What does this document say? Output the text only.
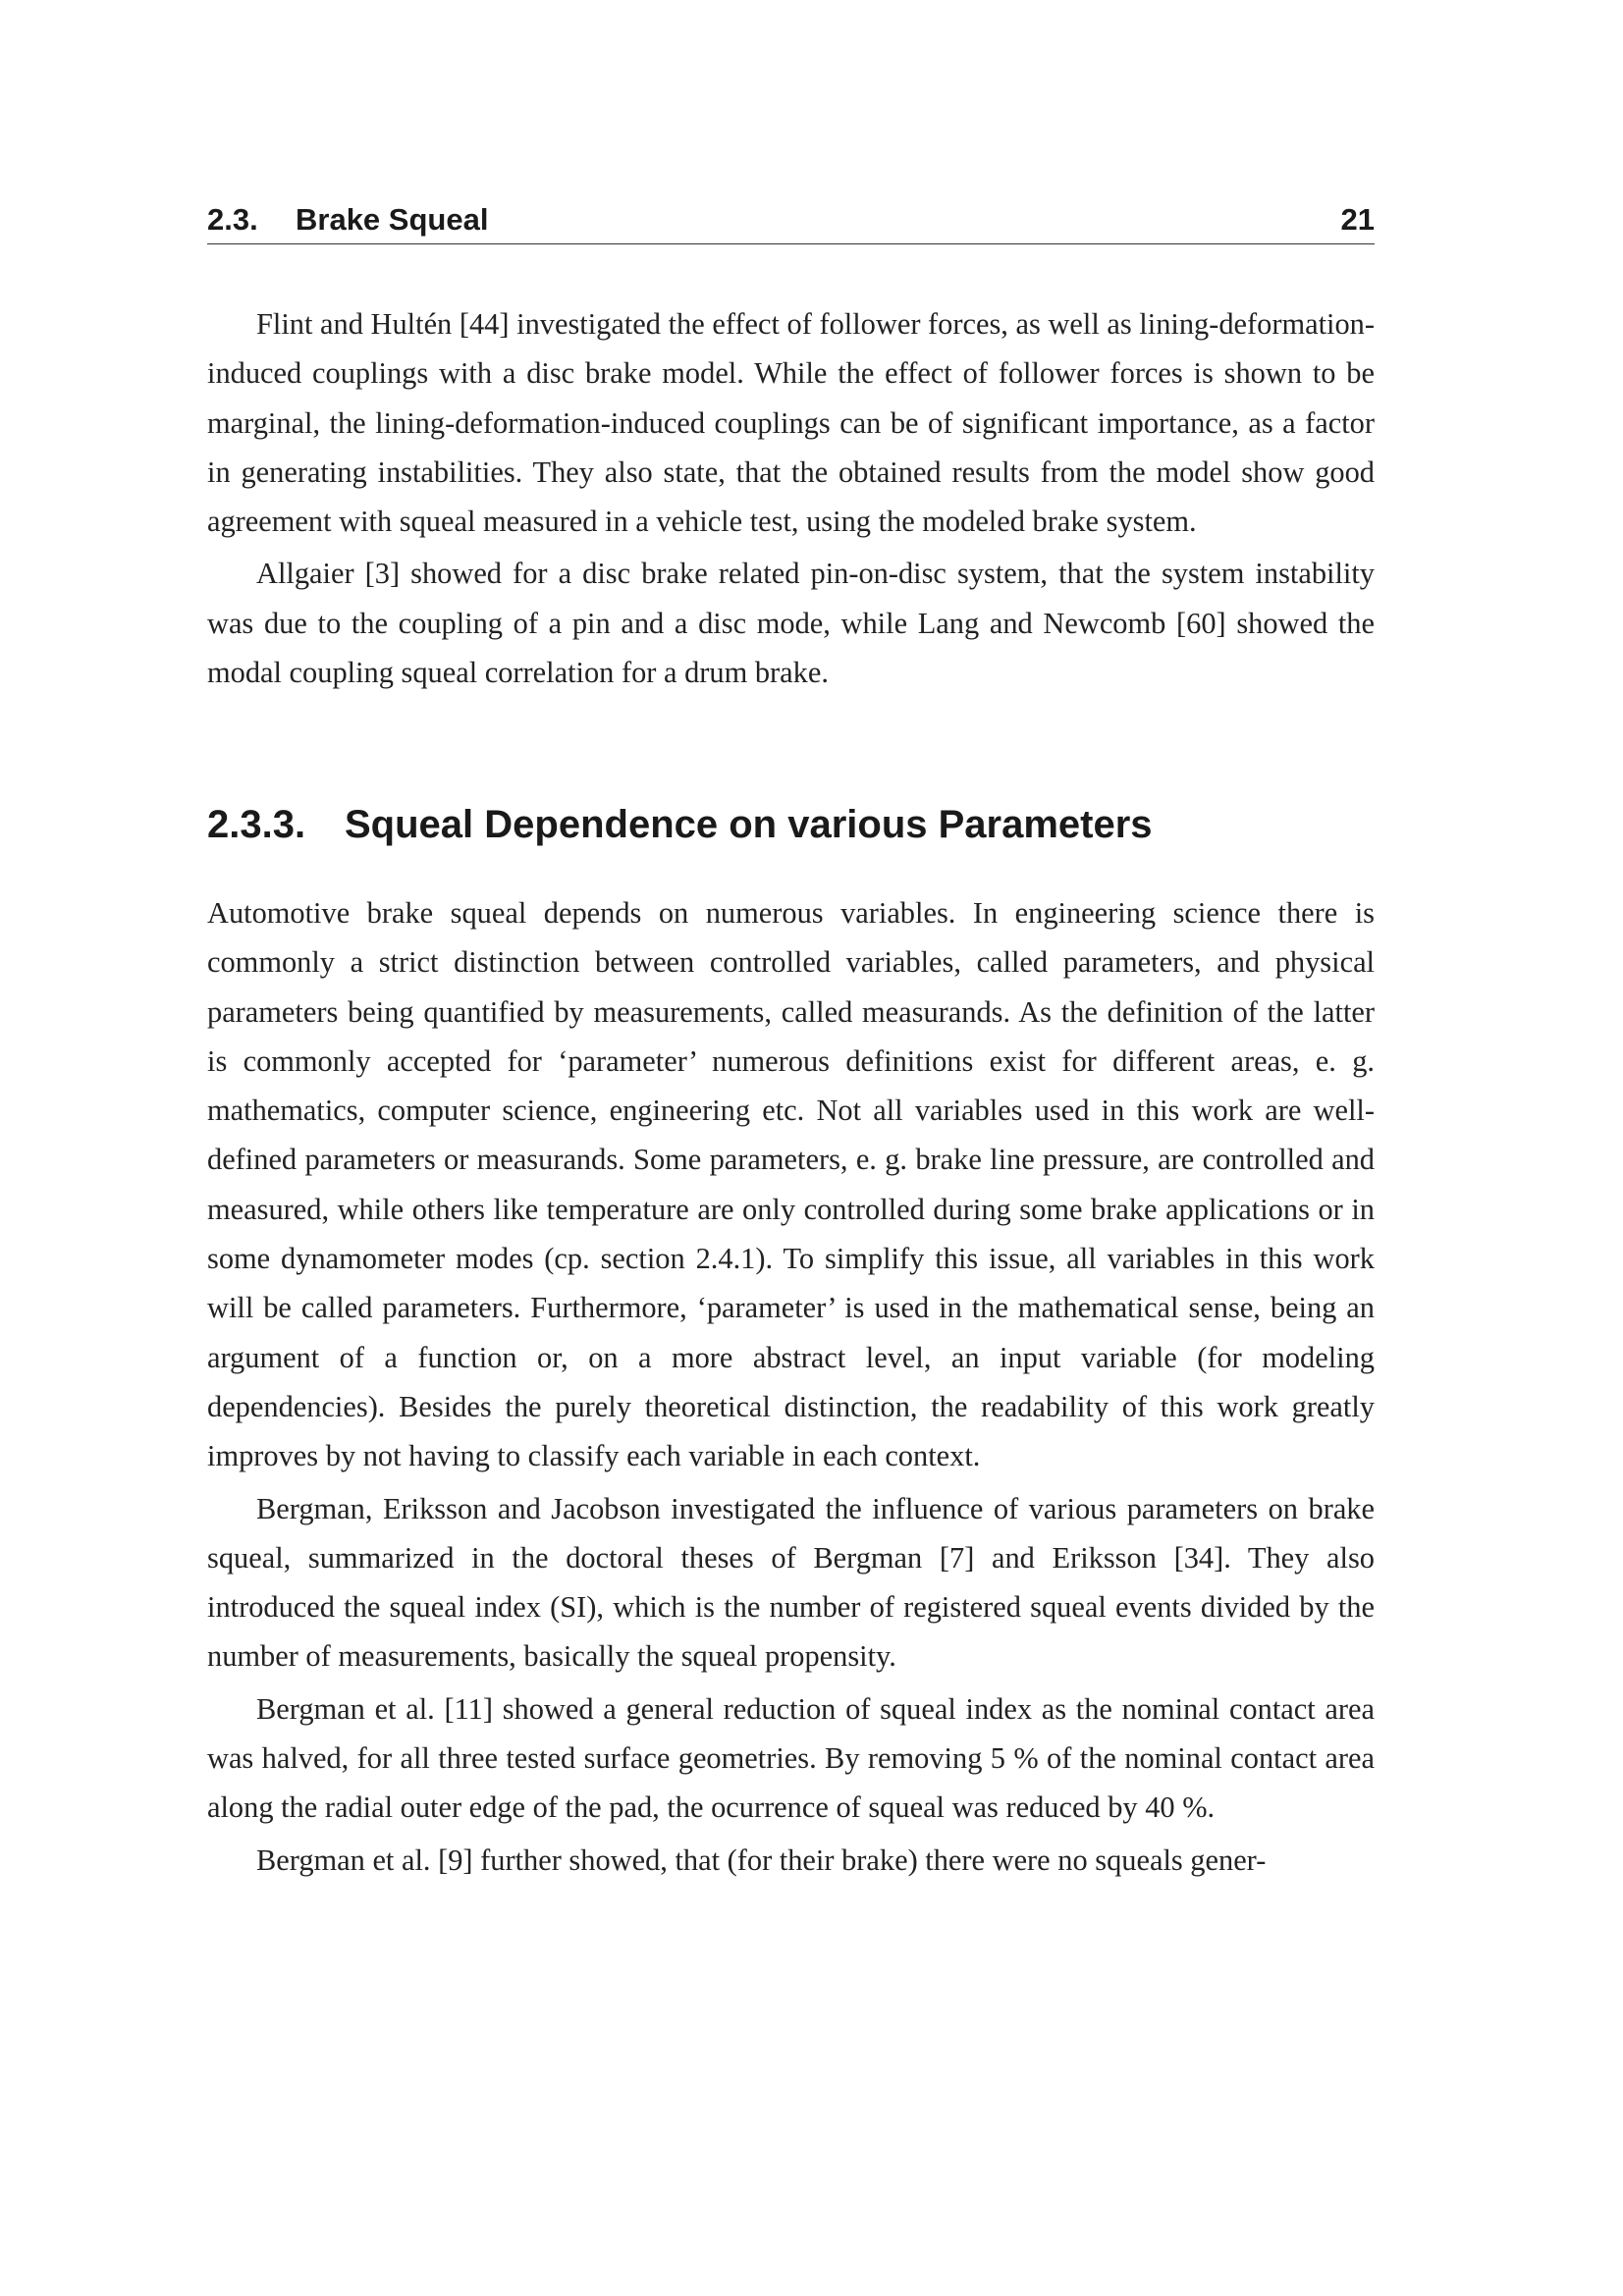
2.3. Brake Squeal	21

Flint and Hultén [44] investigated the effect of follower forces, as well as lining-deformation-induced couplings with a disc brake model. While the effect of follower forces is shown to be marginal, the lining-deformation-induced couplings can be of significant importance, as a factor in generating instabilities. They also state, that the obtained results from the model show good agreement with squeal measured in a vehicle test, using the modeled brake system.

Allgaier [3] showed for a disc brake related pin-on-disc system, that the system instability was due to the coupling of a pin and a disc mode, while Lang and Newcomb [60] showed the modal coupling squeal correlation for a drum brake.

2.3.3. Squeal Dependence on various Parameters

Automotive brake squeal depends on numerous variables. In engineering science there is commonly a strict distinction between controlled variables, called parameters, and physical parameters being quantified by measurements, called measurands. As the definition of the latter is commonly accepted for ‘parameter’ numerous definitions exist for different areas, e. g. mathematics, computer science, engineering etc. Not all variables used in this work are well-defined parameters or measurands. Some parameters, e. g. brake line pressure, are controlled and measured, while others like temperature are only controlled during some brake applications or in some dynamometer modes (cp. section 2.4.1). To simplify this issue, all variables in this work will be called parameters. Furthermore, ‘parameter’ is used in the mathematical sense, being an argument of a function or, on a more abstract level, an input variable (for modeling dependencies). Besides the purely theoretical distinction, the readability of this work greatly improves by not having to classify each variable in each context.

Bergman, Eriksson and Jacobson investigated the influence of various parameters on brake squeal, summarized in the doctoral theses of Bergman [7] and Eriksson [34]. They also introduced the squeal index (SI), which is the number of registered squeal events divided by the number of measurements, basically the squeal propensity.

Bergman et al. [11] showed a general reduction of squeal index as the nominal contact area was halved, for all three tested surface geometries. By removing 5 % of the nominal contact area along the radial outer edge of the pad, the ocurrence of squeal was reduced by 40 %.

Bergman et al. [9] further showed, that (for their brake) there were no squeals gener-
